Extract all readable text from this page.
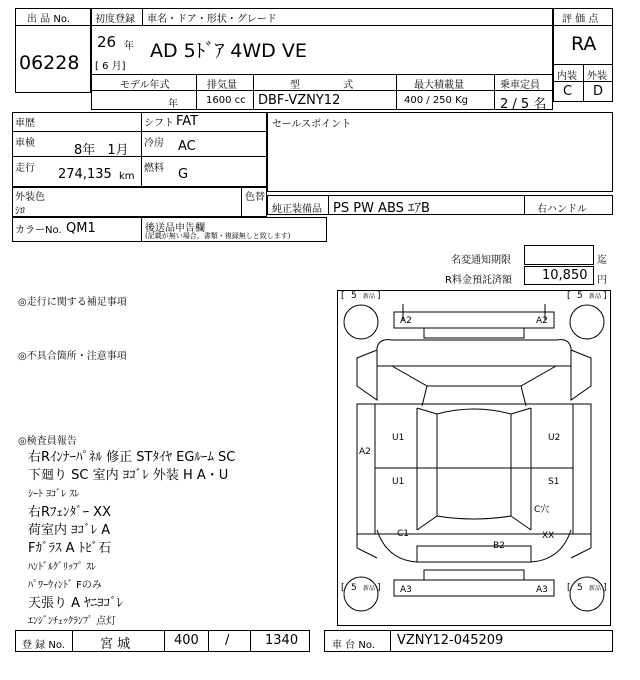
出 品 No.
06228
初度登録 車名・ドア・形状・グレード
26 年
[ 6 月]
AD 5ﾄﾞｱ 4WD VE
モデル年式	排気量	型 式	最大積載量	乗車定員
年	1600 cc DBF-VZNY12	400 / 250 Kg 2 / 5 名
評 価 点
RA
内装 外装
C D
車歴	シフト FAT
車検	8年 1月 冷房 AC
走行 274,135 km
燃料 G
セールスポイント
外装色
ｼﾛ
色替
純正装備品 PS PW ABS ｴｱB	右ハンドル
カラーNo. QM1	後送品申告欄
(記載が無い場合，書類・複録無しと致します)
名変通知期限	迄
R料金預託済額 10,850 円
◎走行に関する補足事項
◎不具合箇所・注意事項
◎検査員報告
右Rｲﾝﾅｰﾊﾟﾈﾙ 修正 STﾀｲﾔ EGﾙｰﾑ SC
下廻り SC 室内 ﾖｺﾞﾚ 外装 H A・U
ｼｰﾄ ﾖｺﾞﾚ ｽﾚ
右Rﾌｪﾝﾀﾞｰ XX
荷室内 ﾖｺﾞﾚ A
Fｶﾞﾗｽ A ﾄﾋﾞ石
ﾊﾝﾄﾞﾙｸﾞﾘｯﾌﾟ ｽﾚ
ﾊﾟﾜｰｳｨﾝﾄﾞ Fのみ
天張り A ﾔﾆﾖｺﾞﾚ
ｴﾝｼﾞﾝﾁｪｯｸﾗﾝﾌﾟ 点灯
[ 5 新品 ]	[ 5 新品 ]
[ 5 新品 ]	[ 5 新品 ]
A2	A2
A2
U1
U1
U2
S1
C穴
XX
C1
B2
A3	A3
登 録 No.	宮 城	400 /	1340	車 台 No. VZNY12-045209
